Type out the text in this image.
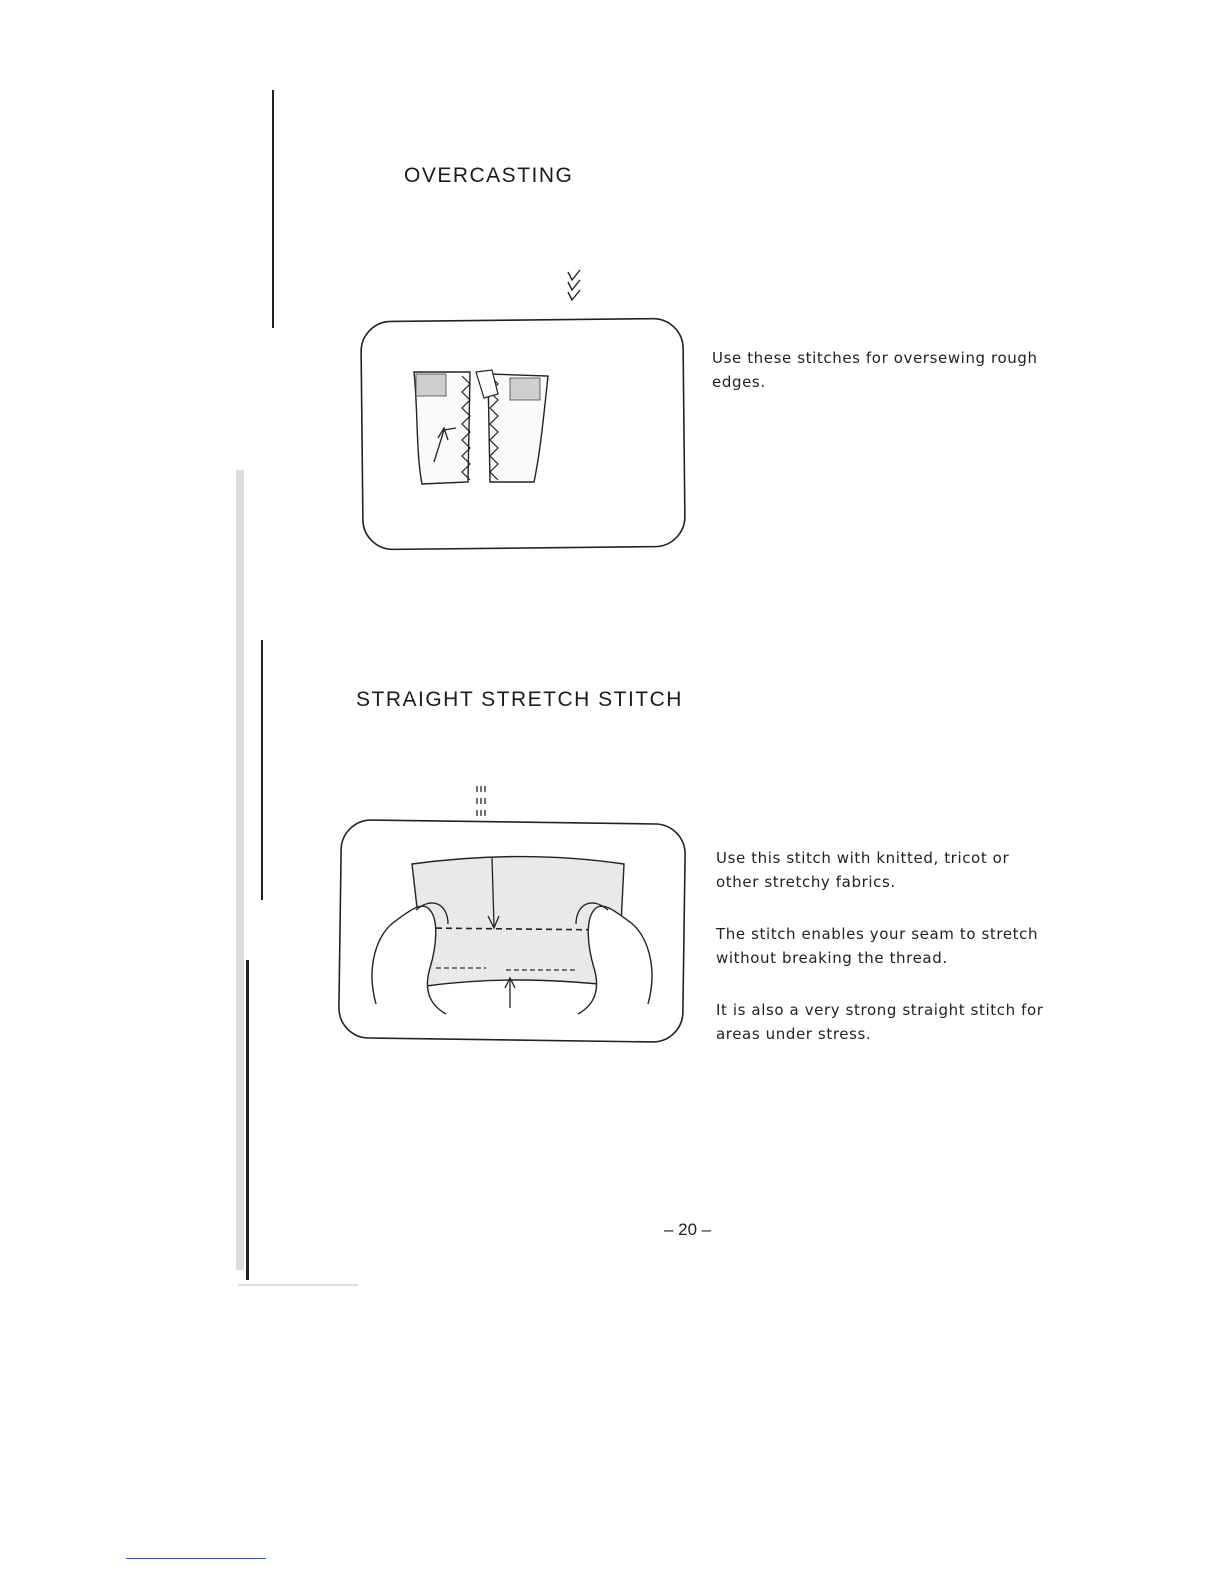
OVERCASTING

Use these stitches for oversewing rough edges.

STRAIGHT STRETCH STITCH

Use this stitch with knitted, tricot or other stretchy fabrics.

The stitch enables your seam to stretch without breaking the thread.

It is also a very strong straight stitch for areas under stress.

– 20 –
